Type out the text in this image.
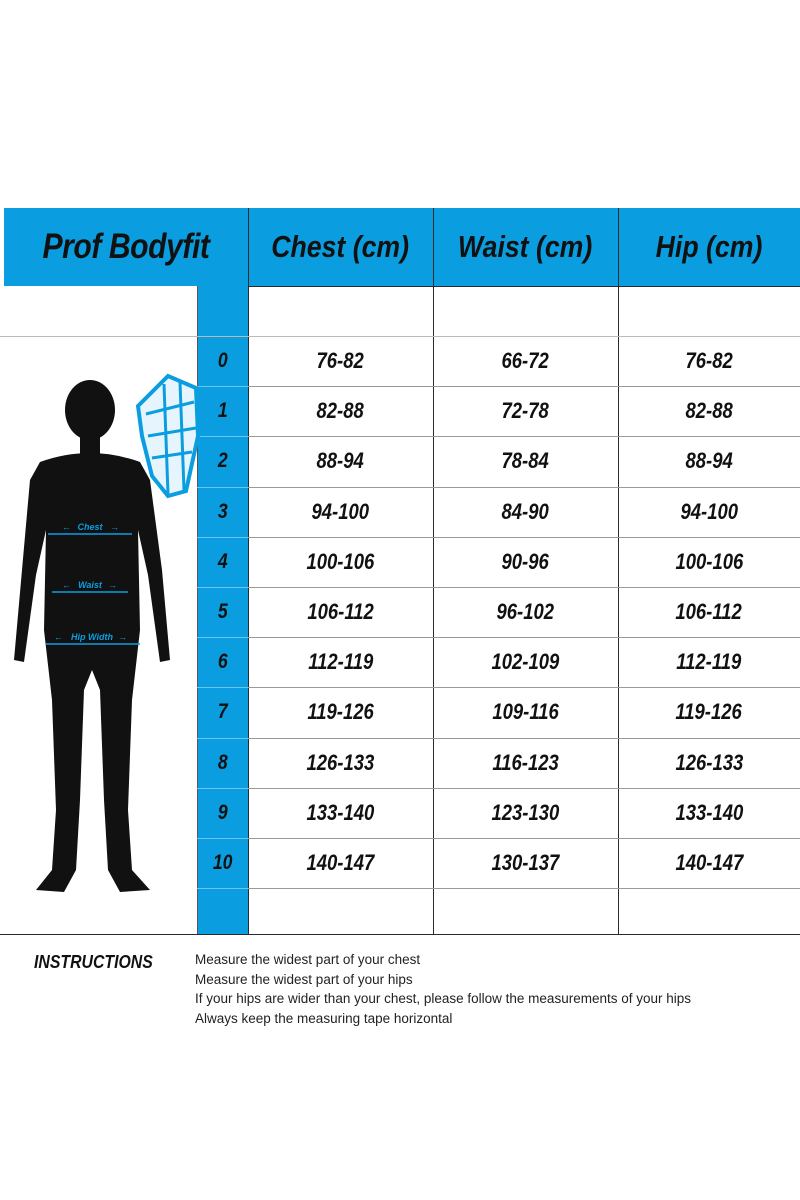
Prof Bodyfit	Chest (cm) Waist (cm) Hip (cm)
0	76-82	66-72	76-82
1	82-88	72-78	82-88
2	88-94	78-84	88-94
3	94-100	84-90	94-100
4	100-106	90-96	100-106
5	106-112	96-102	106-112
6	112-119	102-109	112-119
7	119-126	109-116	119-126
8	126-133	116-123	126-133
9	133-140	123-130	133-140
10	140-147	130-137	140-147
Chest
Waist
Hip Width
←	→
←	→
←	→
INSTRUCTIONS	Measure the widest part of your chest
Measure the widest part of your hips
If your hips are wider than your chest, please follow the measurements of your hips
Always keep the measuring tape horizontal
